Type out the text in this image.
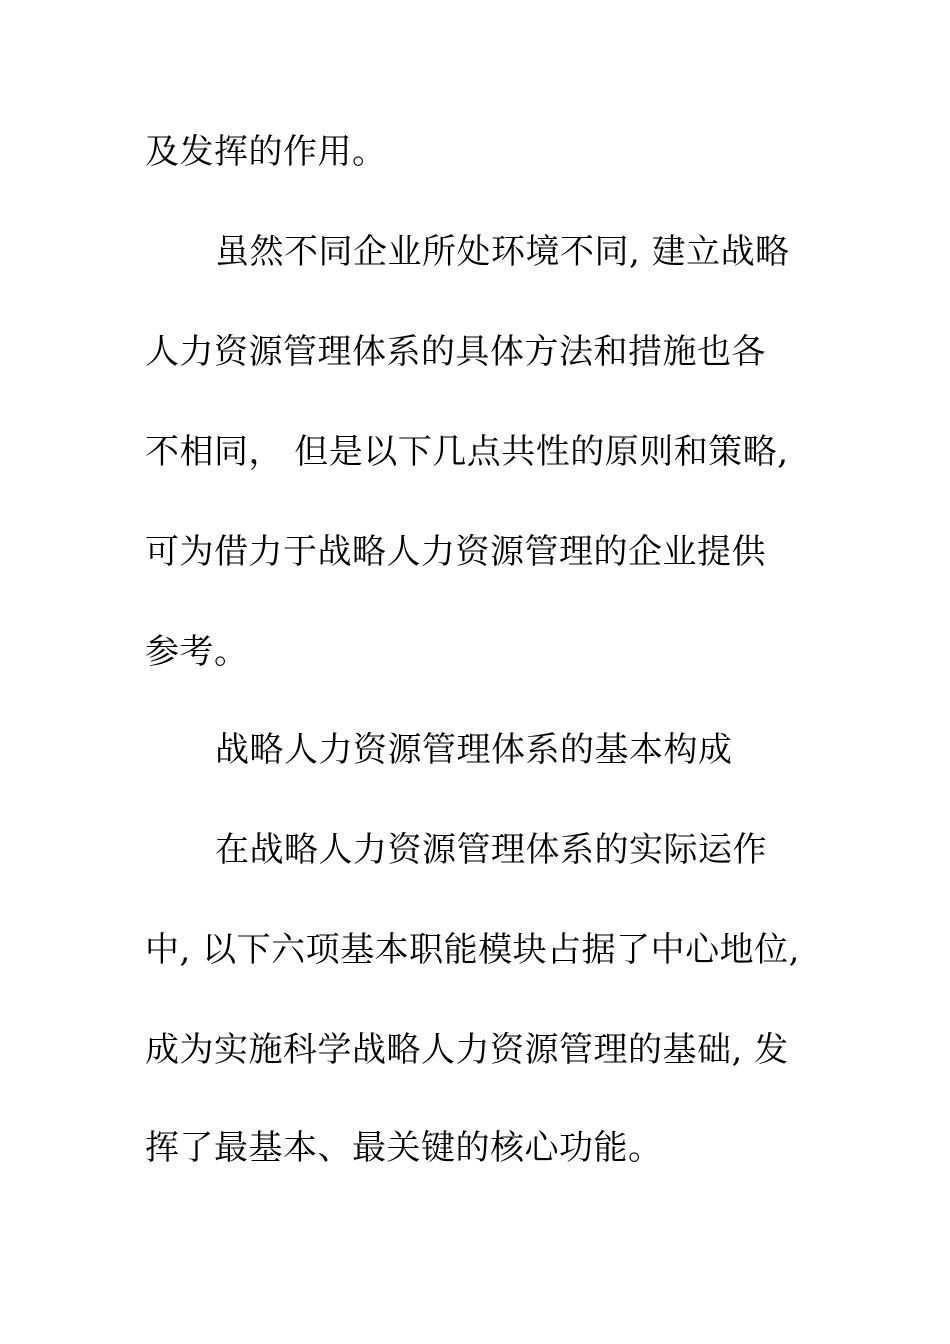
及发挥的作用。
虽然不同企业所处环境不同, 建立战略
人力资源管理体系的具体方法和措施也各
不相同， 但是以下几点共性的原则和策略,
可为借力于战略人力资源管理的企业提供
参考。
战略人力资源管理体系的基本构成
在战略人力资源管理体系的实际运作
中, 以下六项基本职能模块占据了中心地位,
成为实施科学战略人力资源管理的基础, 发
挥了最基本、最关键的核心功能。
